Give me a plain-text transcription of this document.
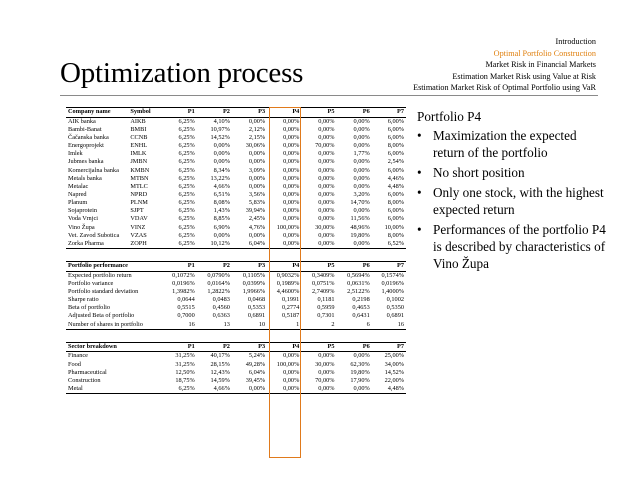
Introduction
Optimal Portfolio Construction
Market Risk in Financial Markets
Estimation Market Risk using Value at Risk
Estimation Market Risk of Optimal Portfolio using VaR
Optimization process
Company name	Symbol	P1	P2	P3	P4	P5	P6	P7
AIK banka	AIKB	6,25%	4,10%	0,00%	0,00%	0,00%	0,00%	6,00%
Bambi-Banat	BMBI	6,25%	10,97%	2,12%	0,00%	0,00%	0,00%	6,00%
Čačanska banka	CCNB	6,25%	14,52%	2,15%	0,00%	0,00%	0,00%	6,00%
Energoprojekt	ENHL	6,25%	0,00%	30,06%	0,00%	70,00%	0,00%	8,00%
Imlek	IMLK	6,25%	0,00%	0,00%	0,00%	0,00%	1,77%	6,00%
Jubmes banka	JMBN	6,25%	0,00%	0,00%	0,00%	0,00%	0,00%	2,54%
Komercijalna banka	KMBN	6,25%	8,34%	3,09%	0,00%	0,00%	0,00%	6,00%
Metals banka	MTBN	6,25%	13,22%	0,00%	0,00%	0,00%	0,00%	4,46%
Metalac	MTLC	6,25%	4,66%	0,00%	0,00%	0,00%	0,00%	4,48%
Napred	NPRD	6,25%	6,51%	3,56%	0,00%	0,00%	3,20%	6,00%
Planum	PLNM	6,25%	8,08%	5,83%	0,00%	0,00%	14,70%	8,00%
Sojaprotein	SJPT	6,25%	1,43%	39,94%	0,00%	0,00%	0,00%	6,00%
Voda Vrnjci	VDAV	6,25%	8,85%	2,45%	0,00%	0,00%	11,56%	6,00%
Vino Župa	VINZ	6,25%	6,90%	4,76%	100,00%	30,00%	48,96%	10,00%
Vet. Zavod Subotica	VZAS	6,25%	0,00%	0,00%	0,00%	0,00%	19,80%	8,00%
Zorka Pharma	ZOPH	6,25%	10,12%	6,04%	0,00%	0,00%	0,00%	6,52%

Portfolio performance		P1	P2	P3	P4	P5	P6	P7
Expected portfolio return		0,1072%	0,0790%	0,1105%	0,9032%	0,3409%	0,5694%	0,1574%
Portfolio variance		0,0196%	0,0164%	0,0399%	0,1989%	0,0751%	0,0631%	0,0196%
Portfolio standard deviation		1,3982%	1,2822%	1,9966%	4,4600%	2,7409%	2,5122%	1,4000%
Sharpe ratio		0,0644	0,0483	0,0468	0,1991	0,1181	0,2198	0,1002
Beta of portfolio		0,5515	0,4560	0,5353	0,2774	0,5959	0,4653	0,5350
Adjusted Beta of portfolio		0,7000	0,6363	0,6891	0,5187	0,7301	0,6431	0,6891
Number of shares in portfolio		16	13	10	1	2	6	16

Sector breakdown		P1	P2	P3	P4	P5	P6	P7
Finance		31,25%	40,17%	5,24%	0,00%	0,00%	0,00%	25,00%
Food		31,25%	28,15%	49,28%	100,00%	30,00%	62,30%	34,00%
Pharmaceutical		12,50%	12,43%	6,04%	0,00%	0,00%	19,80%	14,52%
Construction		18,75%	14,59%	39,45%	0,00%	70,00%	17,90%	22,00%
Metal		6,25%	4,66%	0,00%	0,00%	0,00%	0,00%	4,48%
Portfolio P4
• Maximization the expected return of the portfolio
• No short position
• Only one stock, with the highest expected return
• Performances of the portfolio P4 is described by characteristics of Vino Župa
